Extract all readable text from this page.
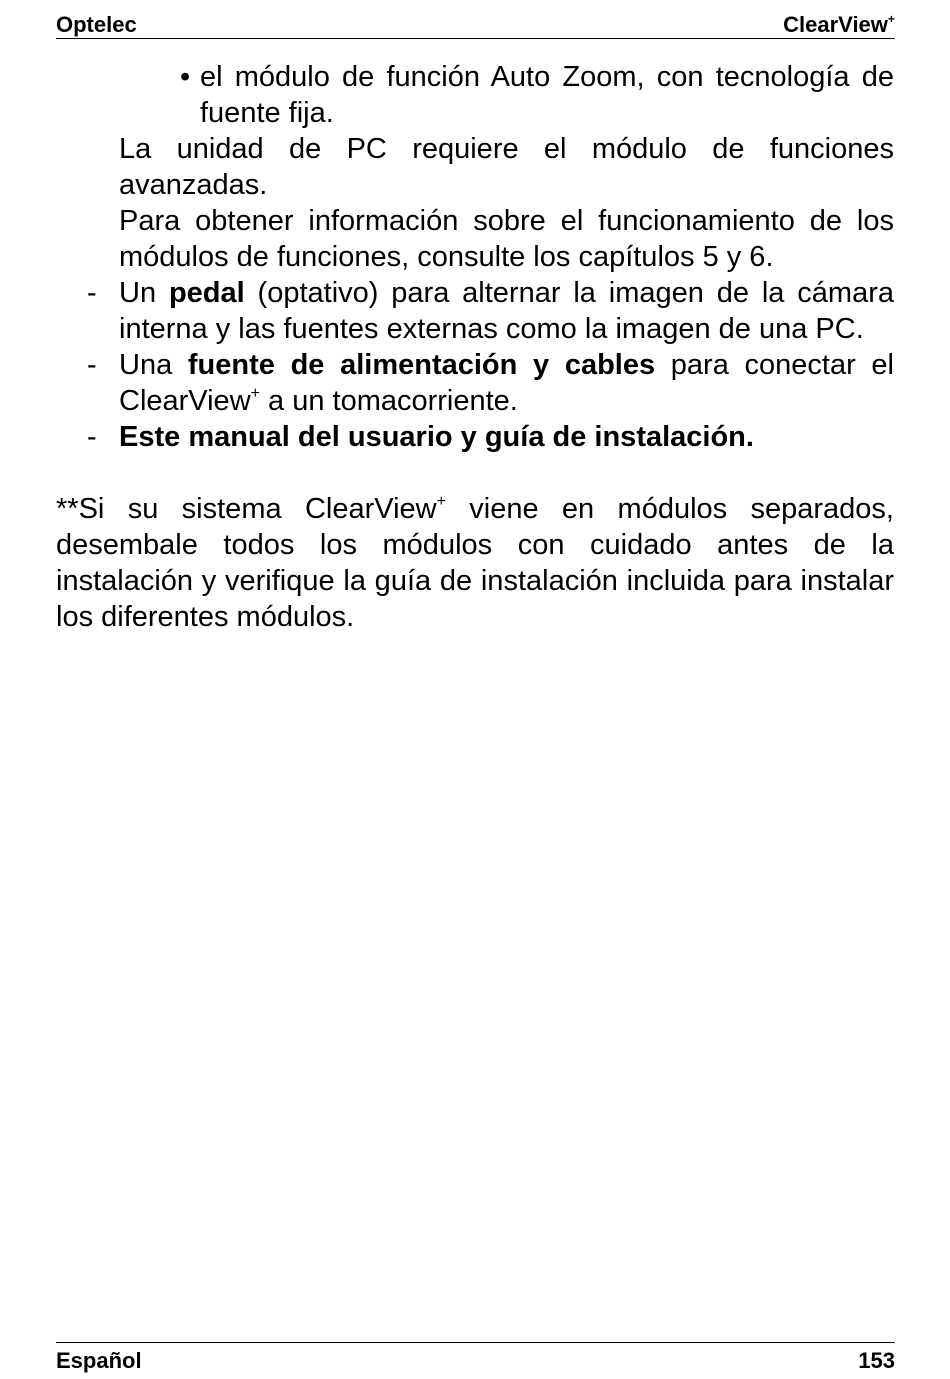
Optelec	ClearView+

• el módulo de función Auto Zoom, con tecnología de fuente fija.

La unidad de PC requiere el módulo de funciones avanzadas.

Para obtener información sobre el funcionamiento de los módulos de funciones, consulte los capítulos 5 y 6.

- Un pedal (optativo) para alternar la imagen de la cámara interna y las fuentes externas como la imagen de una PC.

- Una fuente de alimentación y cables para conectar el ClearView+ a un tomacorriente.

- Este manual del usuario y guía de instalación.

**Si su sistema ClearView+ viene en módulos separados, desembale todos los módulos con cuidado antes de la instalación y verifique la guía de instalación incluida para instalar los diferentes módulos.

Español	153
